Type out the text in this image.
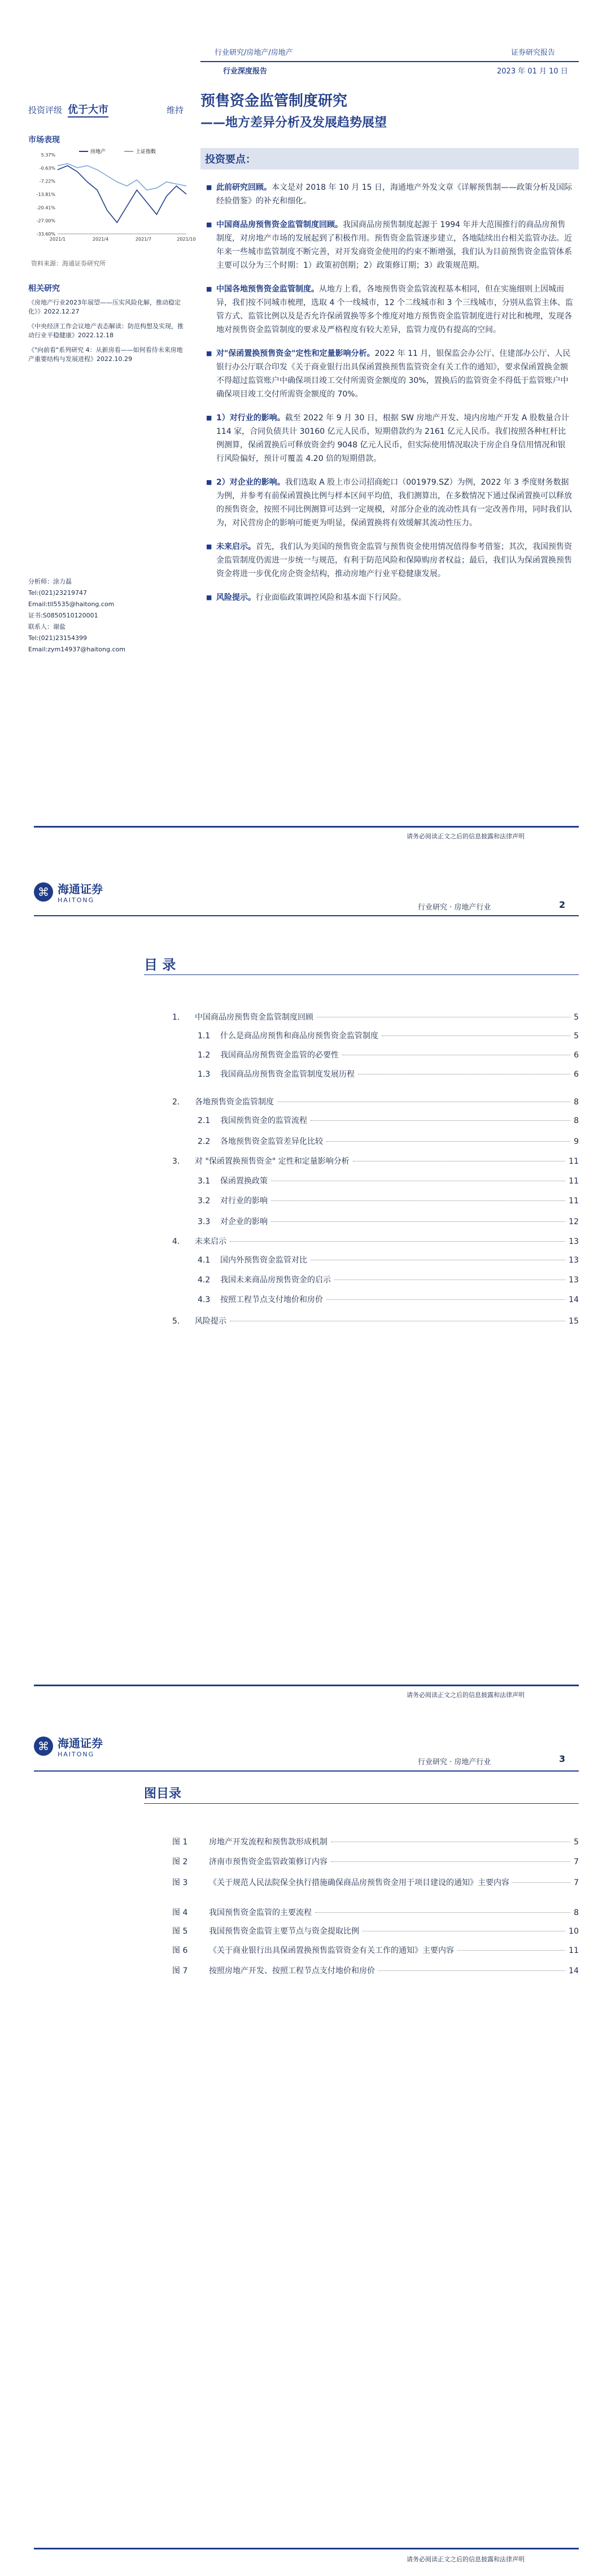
行业研究/房地产/房地产	证券研究报告
行业深度报告	2023 年 01 月 10 日
投资评级 优于大市	维持
市场表现
5.37%
-0.63%
-7.22%
-13.81%
-20.41%
-27.00%
-33.60%
2021/1	2021/4	2021/7	2021/10
房地产	上证指数
资料来源：海通证券研究所
相关研究
《房地产行业2023年展望——压实风险化解，推动稳定化》》2022.12.27
《中央经济工作会议地产表态解读：防范构想及实现，推动行业平稳健康》2022.12.18
《"向前看"系列研究 4：从新房看——如何看待未来房地产重要结构与发展进程》2022.10.29
分析师：涂力磊
Tel:(021)23219747
Email:tll5535@haitong.com
证书:S0850510120001
联系人：谢盐
Tel:(021)23154399
Email:zym14937@haitong.com
预售资金监管制度研究
——地方差异分析及发展趋势展望
投资要点：
■ 此前研究回顾。本文是对 2018 年 10 月 15 日，海通地产外发文章《详解预售制——政策分析及国际经验借鉴》的补充和细化。
■ 中国商品房预售资金监管制度回顾。我国商品房预售制度起源于 1994 年并大范围推行的商品房预售制度，对房地产市场的发展起到了积极作用。预售资金监管逐步建立，各地陆续出台相关监管办法。近年来一些城市监管制度不断完善，对开发商资金使用的约束不断增强，我们认为目前预售资金监管体系主要可以分为三个时期：1）政策初创期；2）政策修订期；3）政策规范期。
■ 中国各地预售资金监管制度。从地方上看，各地预售资金监管流程基本相同，但在实施细则上因城而异，我们按不同城市梳理，选取 4 个一线城市，12 个二线城市和 3 个三线城市，分别从监管主体、监管方式、监管比例以及是否允许保函置换等多个维度对地方预售资金监管制度进行对比和梳理，发现各地对预售资金监管制度的要求及严格程度有较大差异，监管力度仍有提高的空间。
■ 对"保函置换预售资金"定性和定量影响分析。2022 年 11 月，银保监会办公厅、住建部办公厅、人民银行办公厅联合印发《关于商业银行出具保函置换预售监管资金有关工作的通知》，要求保函置换金额不得超过监管账户中确保项目竣工交付所需资金额度的 30%，置换后的监管资金不得低于监管账户中确保项目竣工交付所需资金额度的 70%。
■ 1）对行业的影响。截至 2022 年 9 月 30 日，根据 SW 房地产开发、境内房地产开发 A 股数量合计 114 家，合同负债共计 30160 亿元人民币，短期借款约为 2161 亿元人民币。我们按照各种杠杆比例测算，保函置换后可释放资金约 9048 亿元人民币，但实际使用情况取决于房企自身信用情况和银行风险偏好，预计可覆盖 4.20 倍的短期借款。
■ 2）对企业的影响。我们选取 A 股上市公司招商蛇口（001979.SZ）为例，2022 年 3 季度财务数据为例，并参考有前保函置换比例与样本区间平均值，我们测算出，在多数情况下通过保函置换可以释放的预售资金，按照不同比例测算可达到一定规模，对部分企业的流动性具有一定改善作用，同时我们认为，对民营房企的影响可能更为明显，保函置换将有效缓解其流动性压力。
■ 未来启示。首先，我们认为美国的预售资金监管与预售资金使用情况值得参考借鉴；其次，我国预售资金监管制度仍需进一步统一与规范，有利于防范风险和保障购房者权益；最后，我们认为保函置换预售资金将进一步优化房企资金结构，推动房地产行业平稳健康发展。
■ 风险提示。行业面临政策调控风险和基本面下行风险。
请务必阅读正文之后的信息披露和法律声明
⌘ 海通证券
HAITONG
行业研究 · 房地产行业	2
目 录
1.	中国商品房预售资金监管制度回顾	5
1.1	什么是商品房预售和商品房预售资金监管制度	5
1.2	我国商品房预售资金监管的必要性	6
1.3	我国商品房预售资金监管制度发展历程	6
2.	各地预售资金监管制度	8
2.1	我国预售资金的监管流程	8
2.2	各地预售资金监管差异化比较	9
3.	对 "保函置换预售资金" 定性和定量影响分析	11
3.1	保函置换政策	11
3.2	对行业的影响	11
3.3	对企业的影响	12
4.	未来启示	13
4.1	国内外预售资金监管对比	13
4.2	我国未来商品房预售资金的启示	13
4.3	按照工程节点支付地价和房价	14
5.	风险提示	15
请务必阅读正文之后的信息披露和法律声明
⌘ 海通证券
HAITONG
行业研究 · 房地产行业	3
图目录
图 1	房地产开发流程和预售款形成机制	5
图 2	济南市预售资金监管政策修订内容	7
图 3	《关于规范人民法院保全执行措施确保商品房预售资金用于项目建设的通知》主要内容	7
图 4	我国预售资金监管的主要流程	8
图 5	我国预售资金监管主要节点与资金提取比例	10
图 6	《关于商业银行出具保函置换预售监管资金有关工作的通知》主要内容	11
图 7	按照房地产开发、按照工程节点支付地价和房价	14
请务必阅读正文之后的信息披露和法律声明
